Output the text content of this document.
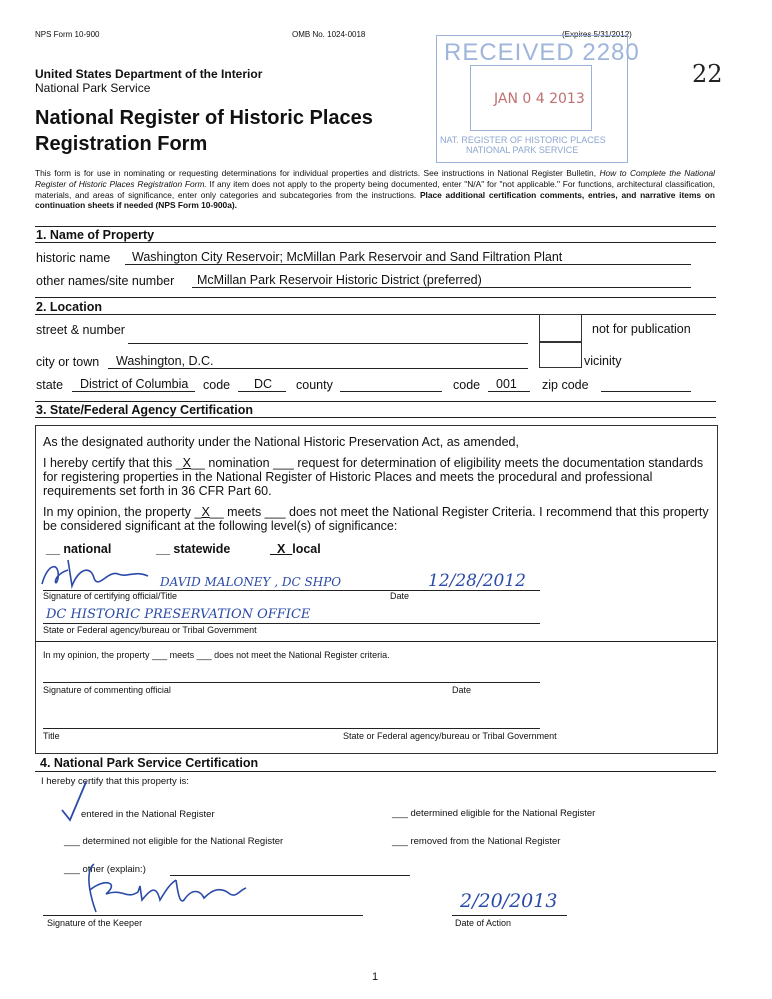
NPS Form 10-900	OMB No. 1024-0018	(Expires 5/31/2012)
RECEIVED 2280
JAN 0 4 2013
NAT. REGISTER OF HISTORIC PLACES
NATIONAL PARK SERVICE
22
United States Department of the Interior
National Park Service
National Register of Historic Places
Registration Form
This form is for use in nominating or requesting determinations for individual properties and districts. See instructions in National Register Bulletin, How to Complete the National Register of Historic Places Registration Form. If any item does not apply to the property being documented, enter "N/A" for "not applicable." For functions, architectural classification, materials, and areas of significance, enter only categories and subcategories from the instructions. Place additional certification comments, entries, and narrative items on continuation sheets if needed (NPS Form 10-900a).
1. Name of Property
historic name Washington City Reservoir; McMillan Park Reservoir and Sand Filtration Plant
other names/site number McMillan Park Reservoir Historic District (preferred)
2. Location
street & number	not for publication
city or town Washington, D.C.	vicinity
state District of Columbia code DC county	code 001 zip code
3. State/Federal Agency Certification
As the designated authority under the National Historic Preservation Act, as amended,
I hereby certify that this _X__ nomination ___ request for determination of eligibility meets the documentation standards
for registering properties in the National Register of Historic Places and meets the procedural and professional
requirements set forth in 36 CFR Part 60.
In my opinion, the property _X__ meets ___ does not meet the National Register Criteria. I recommend that this property
be considered significant at the following level(s) of significance:
__ national	__ statewide	_X_local
DAVID MALONEY , DC SHPO	12/28/2012
Signature of certifying official/Title	Date
DC HISTORIC PRESERVATION OFFICE
State or Federal agency/bureau or Tribal Government
In my opinion, the property ___ meets ___ does not meet the National Register criteria.
Signature of commenting official	Date
Title	State or Federal agency/bureau or Tribal Government
4. National Park Service Certification
I hereby certify that this property is:
entered in the National Register	___ determined eligible for the National Register
___ determined not eligible for the National Register	___ removed from the National Register
___ other (explain:)
2/20/2013
Signature of the Keeper	Date of Action
1
